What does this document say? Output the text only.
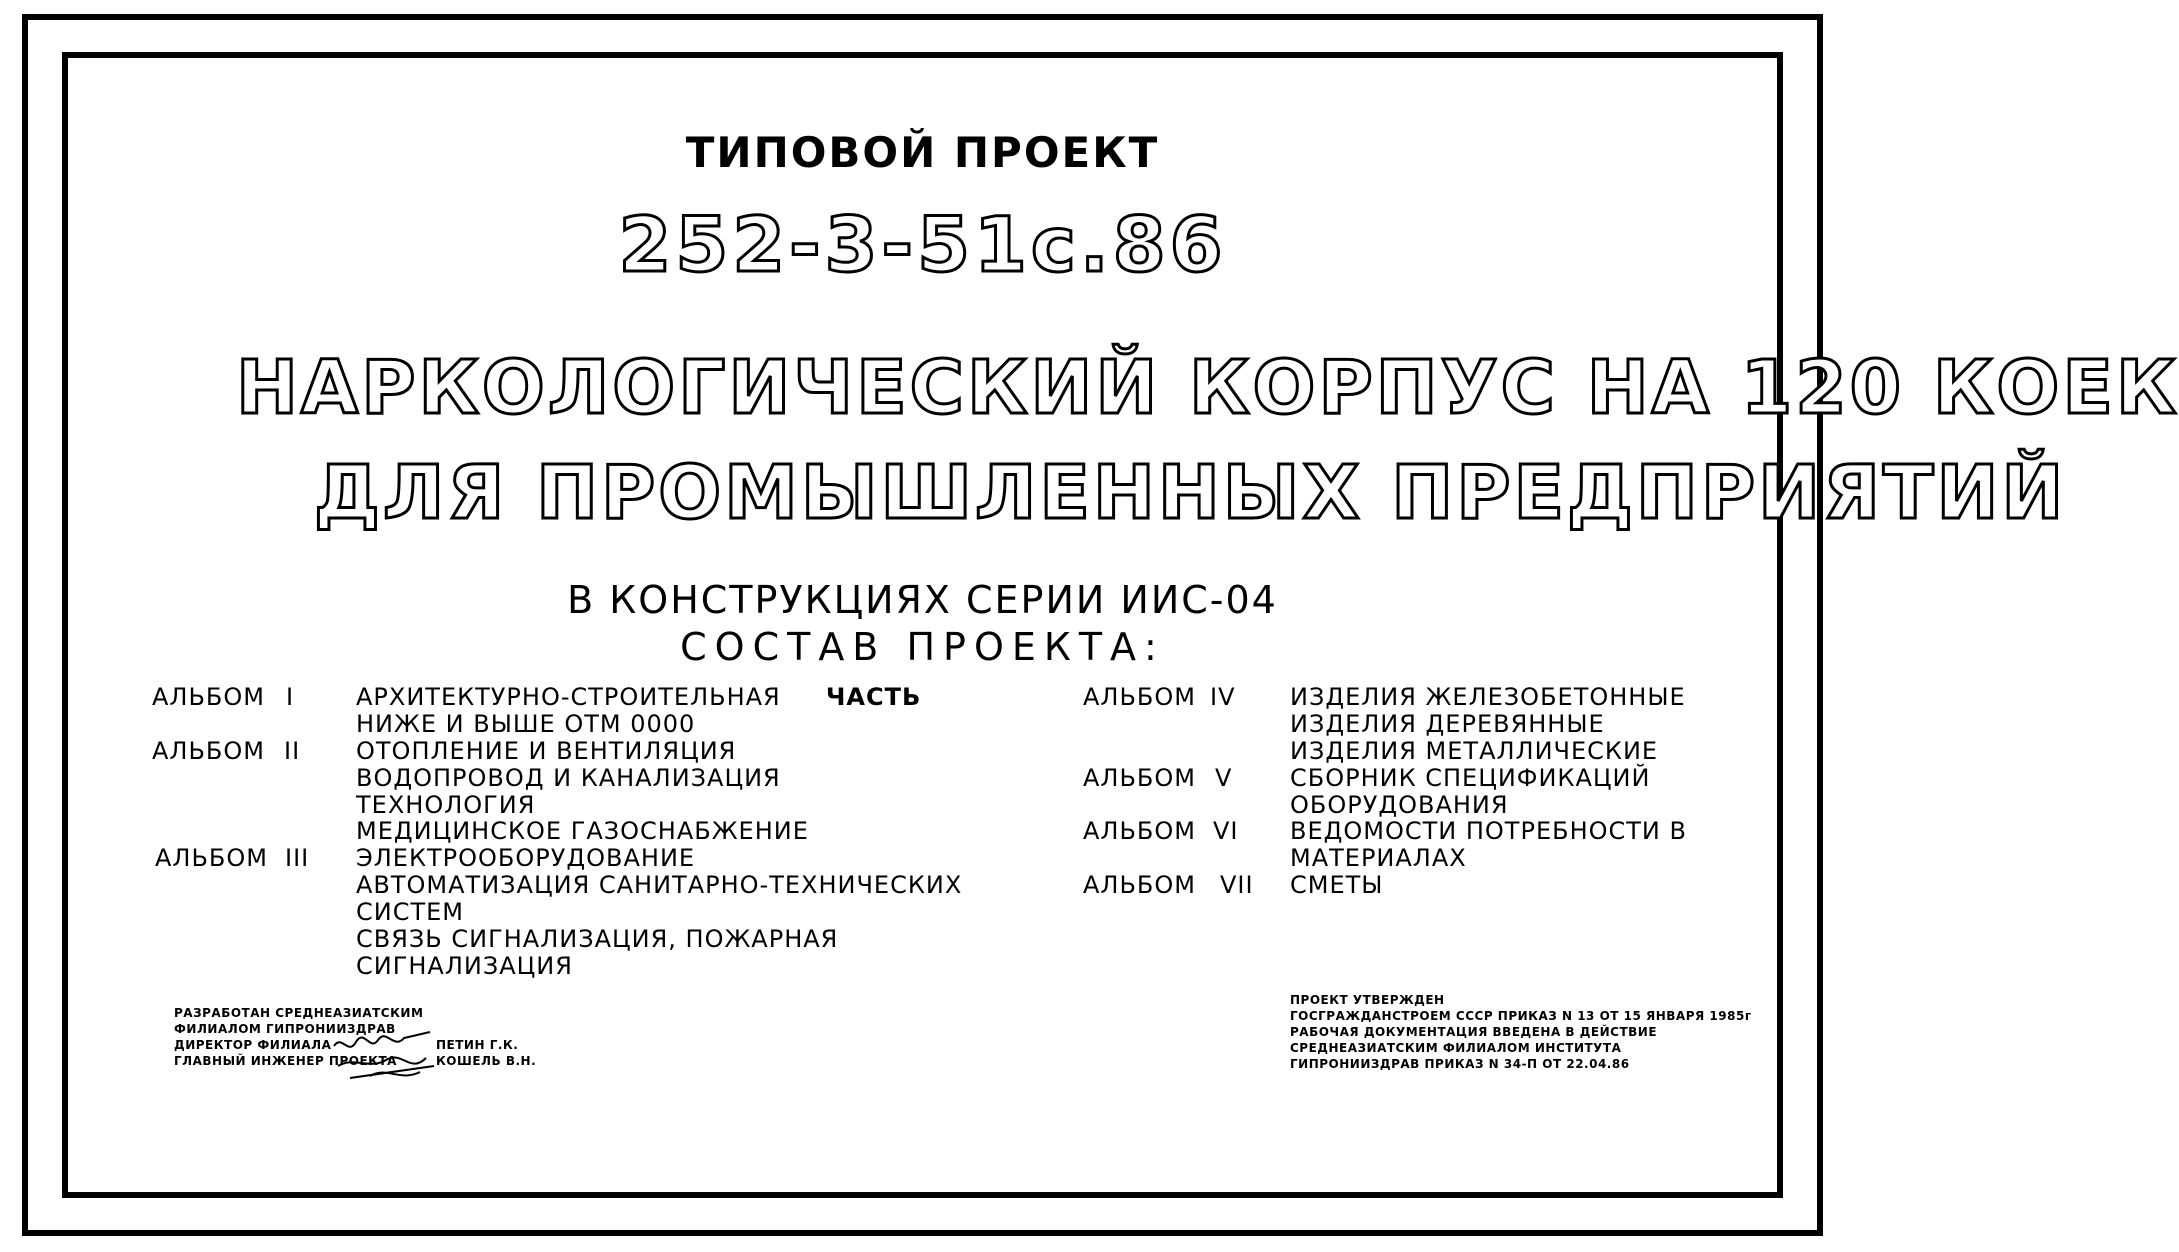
ТИПОВОЙ ПРОЕКТ
252-3-51с.86
НАРКОЛОГИЧЕСКИЙ КОРПУС НА 120 КОЕК
ДЛЯ ПРОМЫШЛЕННЫХ ПРЕДПРИЯТИЙ
В КОНСТРУКЦИЯХ СЕРИИ ИИС-04
СОСТАВ ПРОЕКТА:
АЛЬБОМ I
АЛЬБОМ II
АЛЬБОМ III
АРХИТЕКТУРНО-СТРОИТЕЛЬНАЯ ЧАСТЬ
НИЖЕ И ВЫШЕ ОТМ 0000
ОТОПЛЕНИЕ И ВЕНТИЛЯЦИЯ
ВОДОПРОВОД И КАНАЛИЗАЦИЯ
ТЕХНОЛОГИЯ
МЕДИЦИНСКОЕ ГАЗОСНАБЖЕНИЕ
ЭЛЕКТРООБОРУДОВАНИЕ
АВТОМАТИЗАЦИЯ САНИТАРНО-ТЕХНИЧЕСКИХ
СИСТЕМ
СВЯЗЬ СИГНАЛИЗАЦИЯ, ПОЖАРНАЯ
СИГНАЛИЗАЦИЯ
АЛЬБОМ IV
АЛЬБОМ V
АЛЬБОМ VI
АЛЬБОМ VII
ИЗДЕЛИЯ ЖЕЛЕЗОБЕТОННЫЕ
ИЗДЕЛИЯ ДЕРЕВЯННЫЕ
ИЗДЕЛИЯ МЕТАЛЛИЧЕСКИЕ
СБОРНИК СПЕЦИФИКАЦИЙ
ОБОРУДОВАНИЯ
ВЕДОМОСТИ ПОТРЕБНОСТИ В
МАТЕРИАЛАХ
СМЕТЫ
РАЗРАБОТАН СРЕДНЕАЗИАТСКИМ
ФИЛИАЛОМ ГИПРОНИИЗДРАВ
ДИРЕКТОР ФИЛИАЛА
ГЛАВНЫЙ ИНЖЕНЕР ПРОЕКТА
ПЕТИН Г.К.
КОШЕЛЬ В.Н.
ПРОЕКТ УТВЕРЖДЕН
ГОСГРАЖДАНСТРОЕМ СССР ПРИКАЗ N 13 ОТ 15 ЯНВАРЯ 1985г
РАБОЧАЯ ДОКУМЕНТАЦИЯ ВВЕДЕНА В ДЕЙСТВИЕ
СРЕДНЕАЗИАТСКИМ ФИЛИАЛОМ ИНСТИТУТА
ГИПРОНИИЗДРАВ ПРИКАЗ N 34-П ОТ 22.04.86
